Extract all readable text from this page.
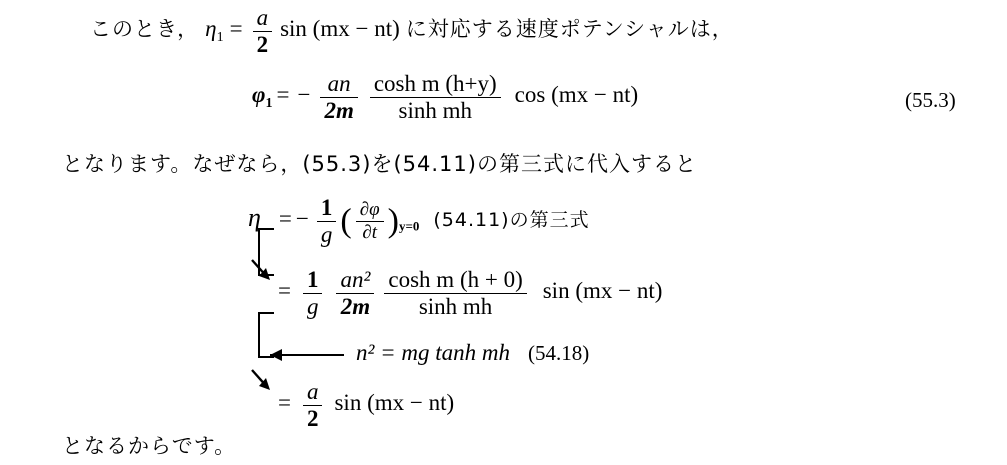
このとき， $\eta 1 = \frac{a}{2}$ sin (mx − nt) に対応する速度ポテンシャルは，
φ1 = − $\frac{an}{2m} \frac{\text{cosh m (h+y)}}{\text{sinh mh}}$ cos (mx − nt)	(55.3)
となります。なぜなら，(55.3)を(54.11)の第三式に代入すると
η = − $\frac{1}{g}$ ( $\frac{\partial\varphi}{\partial t} )_{y=0}$ (54.11)の第三式
= $\frac{1}{g} \frac{\text{an²}}{2m} \frac{\text{cosh m (h + 0)}}{\text{sinh mh}}$ sin (mx − nt)
n² = mg tanh mh (54.18)
= $\frac{a}{2}$ sin (mx − nt)
となるからです。
